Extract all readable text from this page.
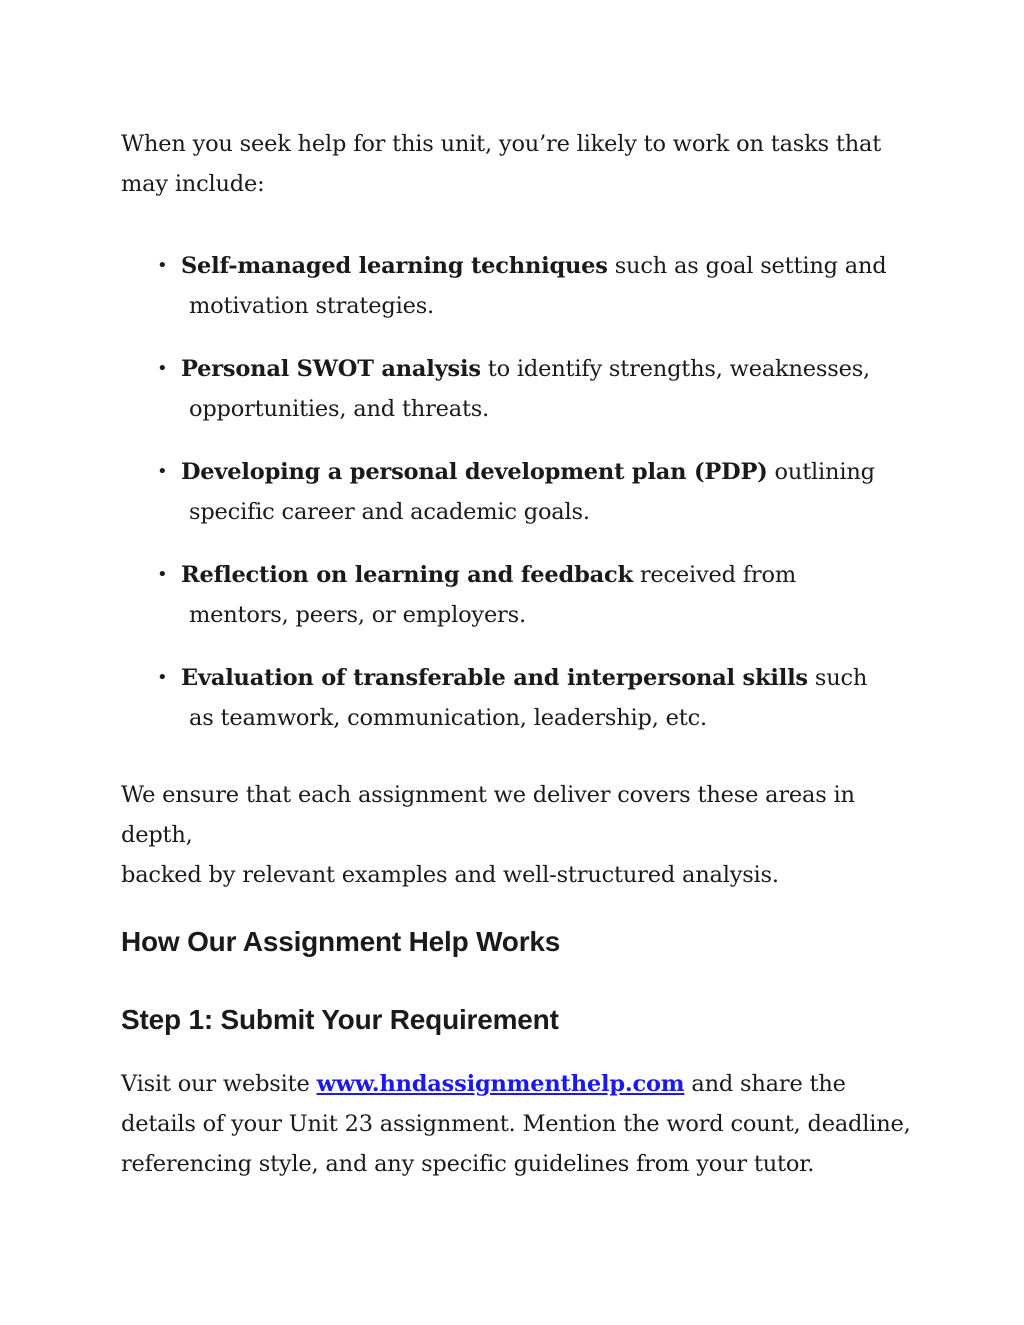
When you seek help for this unit, you’re likely to work on tasks that
may include:

• Self-managed learning techniques such as goal setting and
motivation strategies.
• Personal SWOT analysis to identify strengths, weaknesses,
opportunities, and threats.
• Developing a personal development plan (PDP) outlining
specific career and academic goals.
• Reflection on learning and feedback received from
mentors, peers, or employers.
• Evaluation of transferable and interpersonal skills such
as teamwork, communication, leadership, etc.

We ensure that each assignment we deliver covers these areas in depth,
backed by relevant examples and well-structured analysis.

How Our Assignment Help Works
Step 1: Submit Your Requirement

Visit our website www.hndassignmenthelp.com and share the
details of your Unit 23 assignment. Mention the word count, deadline,
referencing style, and any specific guidelines from your tutor.
